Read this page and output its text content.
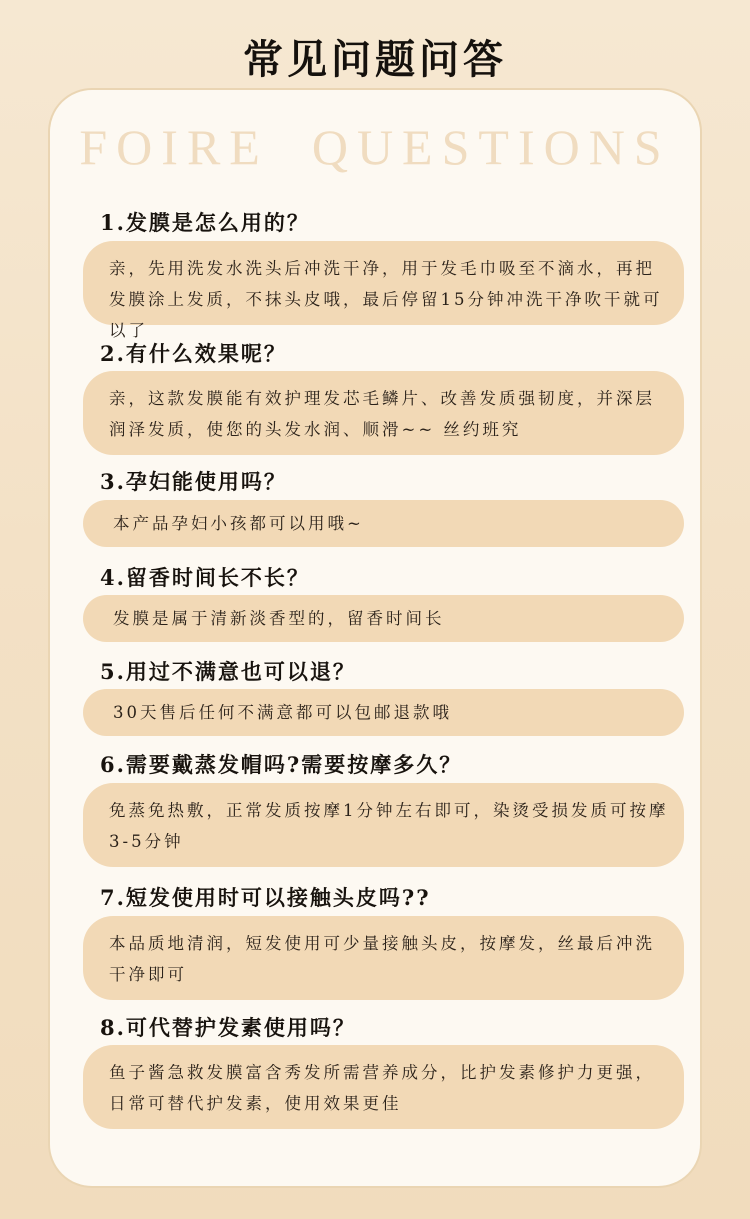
常见问题问答
FOIRE  QUESTIONS
1.发膜是怎么用的？
亲，先用洗发水洗头后冲洗干净，用于发毛巾吸至不滴水，再把发膜涂上发质，不抹头皮哦，最后停留15分钟冲洗干净吹干就可以了
2.有什么效果呢？
亲，这款发膜能有效护理发芯毛鳞片、改善发质强韧度，并深层润泽发质，使您的头发水润、顺滑~~ 丝约班究
3.孕妇能使用吗？
本产品孕妇小孩都可以用哦~
4.留香时间长不长？
发膜是属于清新淡香型的，留香时间长
5.用过不满意也可以退？
30天售后任何不满意都可以包邮退款哦
6.需要戴蒸发帽吗?需要按摩多久？
免蒸免热敷，正常发质按摩1分钟左右即可，染烫受损发质可按摩3-5分钟
7.短发使用时可以接触头皮吗??
本品质地清润，短发使用可少量接触头皮，按摩发，丝最后冲洗干净即可
8.可代替护发素使用吗？
鱼子酱急救发膜富含秀发所需营养成分，比护发素修护力更强，日常可替代护发素，使用效果更佳
